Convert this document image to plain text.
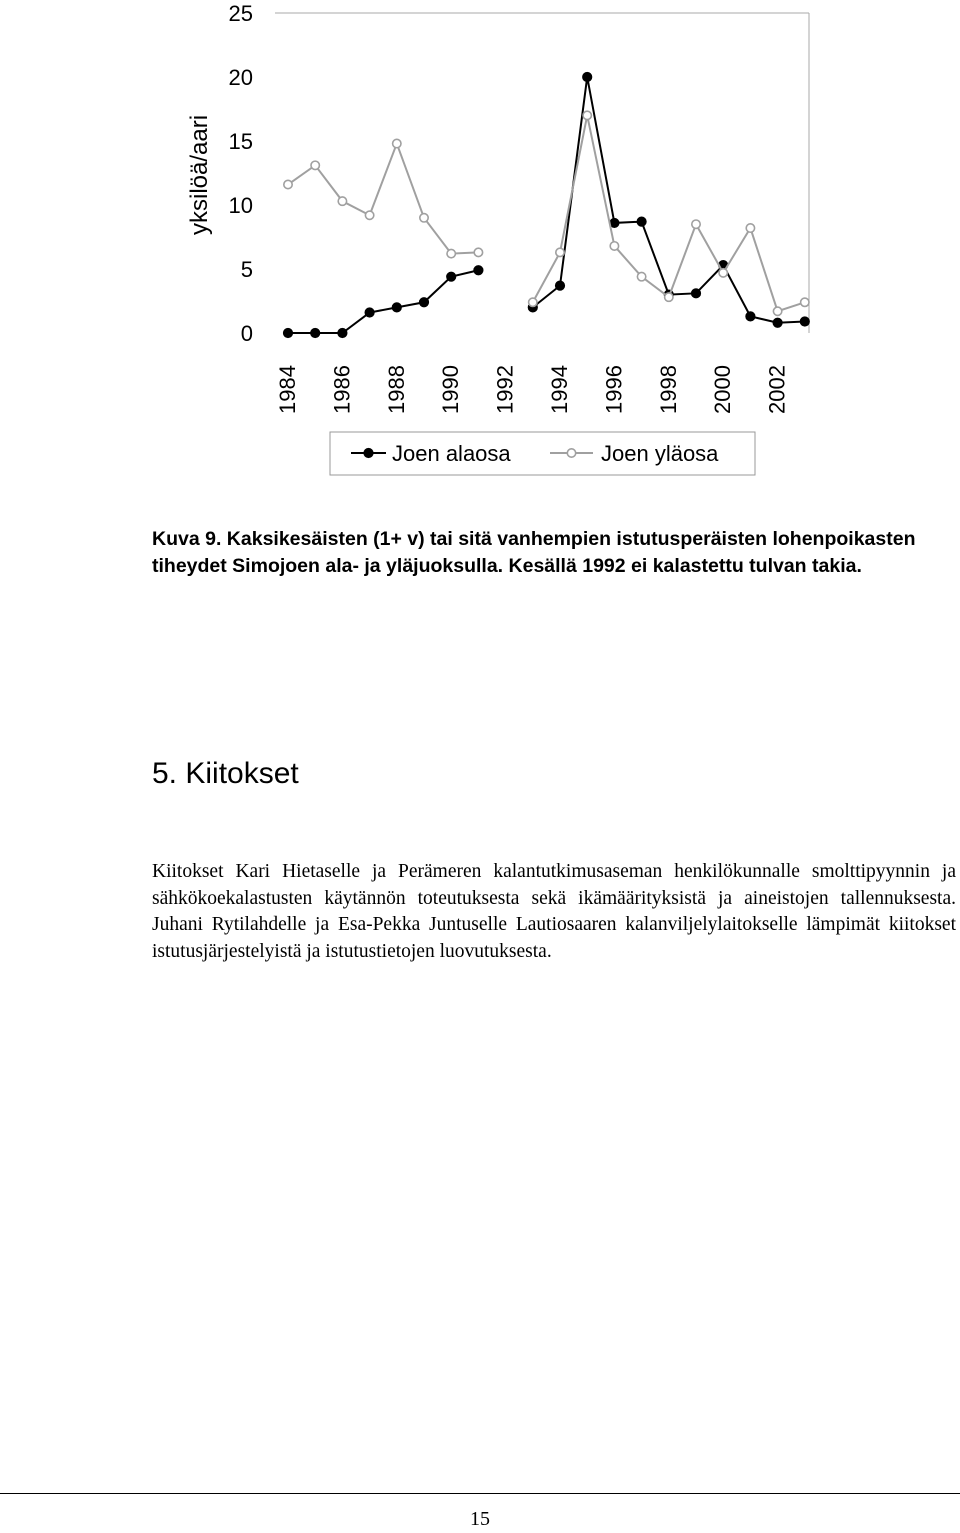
0
5
10
15
20
25
1984 1986 1988 1990 1992 1994 1996 1998 2000 2002
yksilöä/aari
Joen alaosa	Joen yläosa

Kuva 9. Kaksikesäisten (1+ v) tai sitä vanhempien istutusperäisten lohenpoikasten tiheydet Simojoen ala- ja yläjuoksulla. Kesällä 1992 ei kalastettu tulvan takia.

5. Kiitokset

Kiitokset Kari Hietaselle ja Perämeren kalantutkimusaseman henkilökunnalle smolttipyynnin ja sähkökoekalastusten käytännön toteutuksesta sekä ikämäärityksistä ja aineistojen tallennuksesta. Juhani Rytilahdelle ja Esa-Pekka Juntuselle Lautiosaaren kalanviljelylaitokselle lämpimät kiitokset istutusjärjestelyistä ja istutustietojen luovutuksesta.

15
